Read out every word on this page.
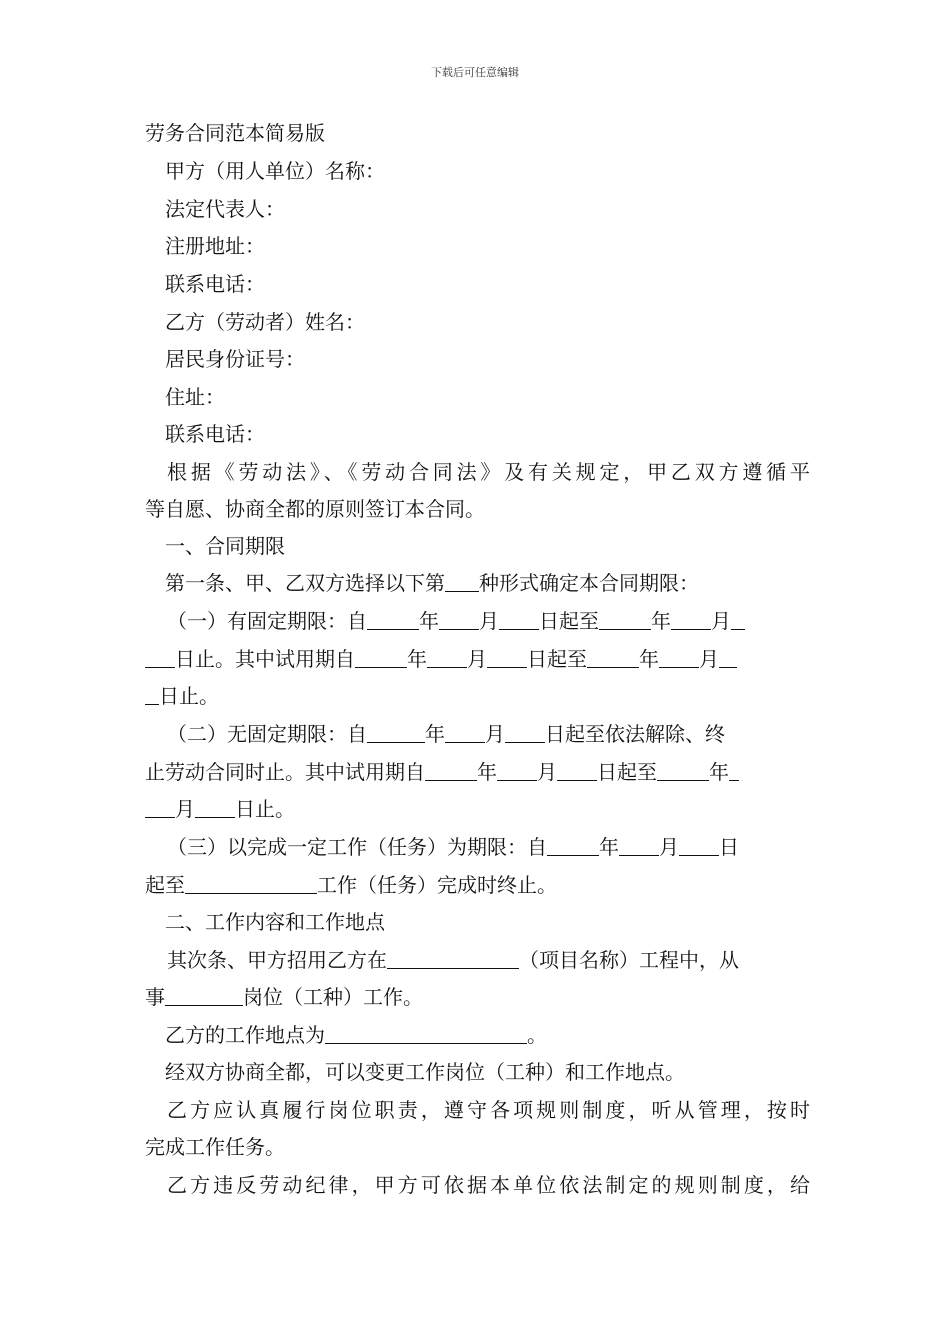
下载后可任意编辑
劳务合同范本简易版
甲方（用人单位）名称：
法定代表人：
注册地址：
联系电话：
乙方（劳动者）姓名：
居民身份证号：
住址：
联系电话：
根据《劳动法》、《劳动合同法》及有关规定，甲乙双方遵循平
等自愿、协商全都的原则签订本合同。
一、合同期限
第一条、甲、乙双方选择以下第 种形式确定本合同期限：
（一）有固定期限：自	年 月 日起至	年 月
日止。其中试用期自	年 月 日起至	年 月
日止。
（二）无固定期限：自	年 月 日起至依法解除、终
止劳动合同时止。其中试用期自	年 月 日起至	年
月 日止。
（三）以完成一定工作（任务）为期限：自	年 月 日
起至	工作（任务）完成时终止。
二、工作内容和工作地点
其次条、甲方招用乙方在	（项目名称）工程中，从
事	岗位（工种）工作。
乙方的工作地点为	。
经双方协商全都，可以变更工作岗位（工种）和工作地点。
乙方应认真履行岗位职责，遵守各项规则制度，听从管理，按时
完成工作任务。
乙方违反劳动纪律，甲方可依据本单位依法制定的规则制度，给
